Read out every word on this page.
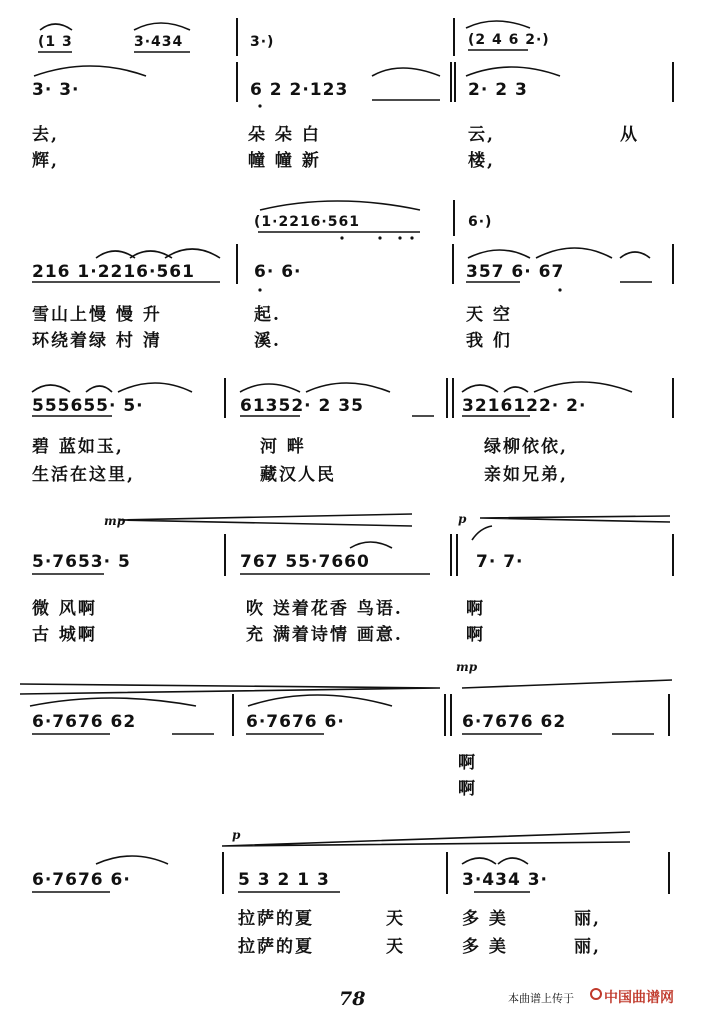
(1 3	3·434	3·)	(2 4 6 2·)
3· 3·	6 2 2·123	2· 2 3
去,	朵 朵 白	云,	从
辉,	幢 幢 新	楼,
(1·2216·561	6·)
216 1·2216·561	6· 6·	357 6· 67
雪山上慢 慢 升	起.	天 空
环绕着绿 村 清	溪.	我 们
555655· 5·	61352· 2 35	3216122· 2·
碧 蓝如玉,	河 畔	绿柳依依,
生活在这里,	藏汉人民	亲如兄弟,
mp	p
5·7653· 5	767 55·7660	7· 7·
微 风啊	吹 送着花香 鸟语.	啊
古 城啊	充 满着诗情 画意.	啊
mp
6·7676 62	6·7676 6·	6·7676 62
啊
啊
p
6·7676 6·	5 3 2 1 3	3·434 3·
拉萨的夏	天	多 美	丽,
拉萨的夏	天	多 美	丽,
78	本曲谱上传于 中国曲谱网
